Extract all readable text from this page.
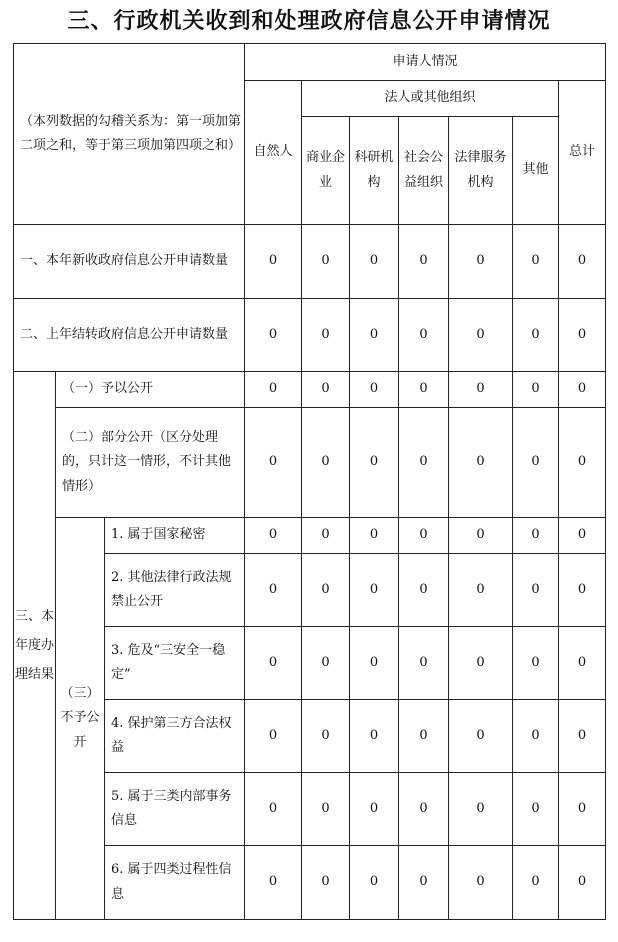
三、行政机关收到和处理政府信息公开申请情况
（本列数据的勾稽关系为：第一项加第二项之和，等于第三项加第四项之和）			申请人情况						
			自然人	法人或其他组织					总计
				商业企业	科研机构	社会公益组织	法律服务机构	其他	
一、本年新收政府信息公开申请数量			0	0	0	0	0	0	0
二、上年结转政府信息公开申请数量			0	0	0	0	0	0	0
三、本年度办理结果	（一）予以公开		0	0	0	0	0	0	0
	（二）部分公开（区分处理的，只计这一情形，不计其他情形）		0	0	0	0	0	0	0
	（三）不予公开	1. 属于国家秘密	0	0	0	0	0	0	0
		2. 其他法律行政法规禁止公开	0	0	0	0	0	0	0
		3. 危及“三安全一稳定”	0	0	0	0	0	0	0
		4. 保护第三方合法权益	0	0	0	0	0	0	0
		5. 属于三类内部事务信息	0	0	0	0	0	0	0
		6. 属于四类过程性信息	0	0	0	0	0	0	0
